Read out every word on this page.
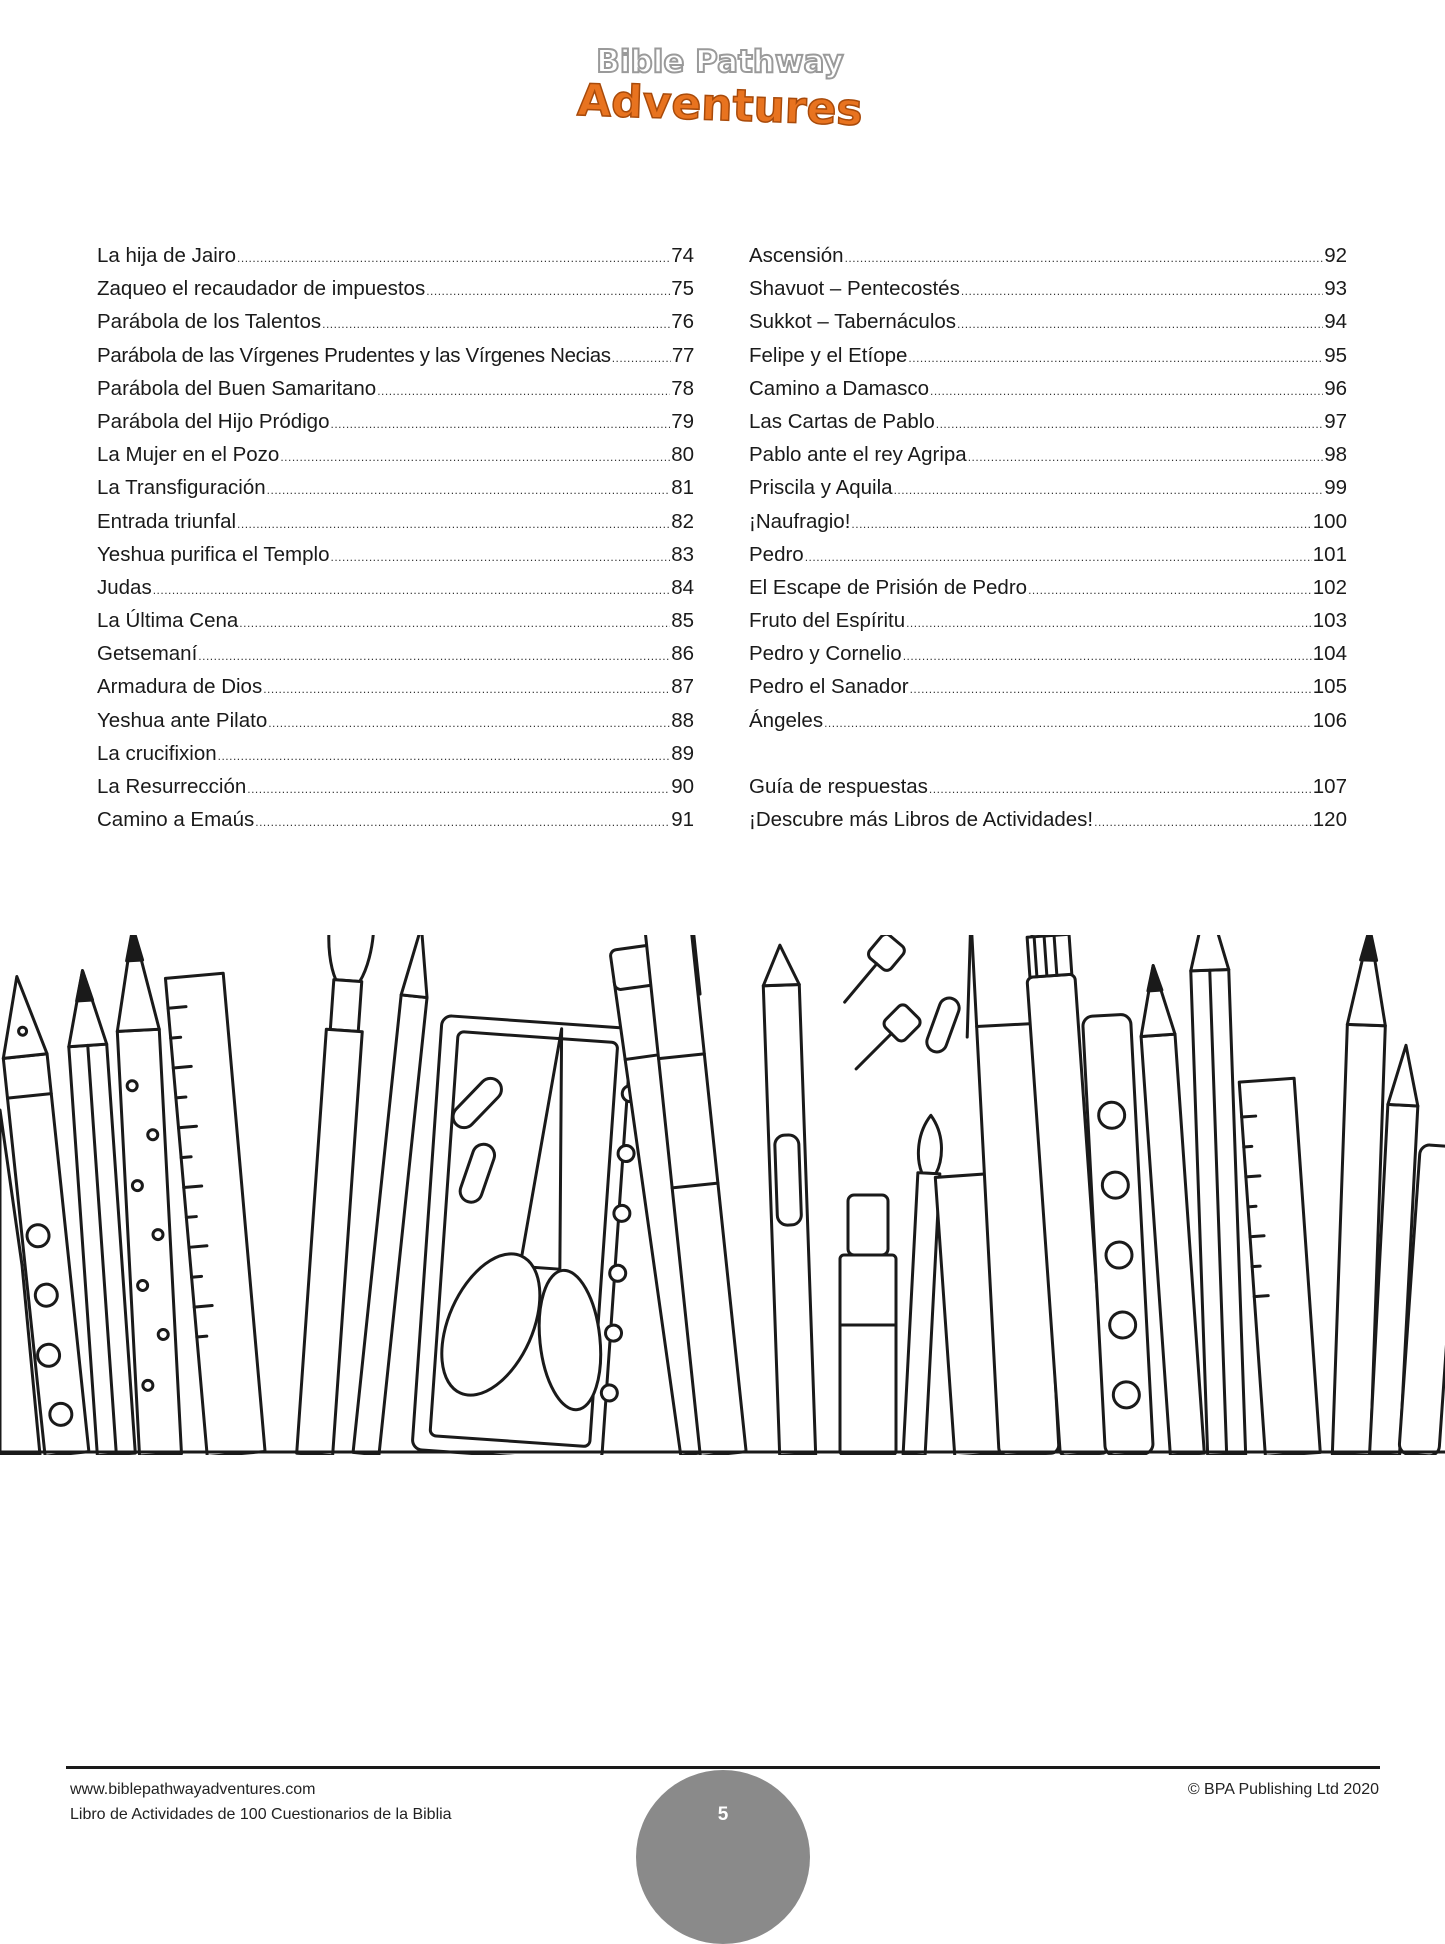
Bible Pathway
Adventures
La hija de Jairo .....	74
Zaqueo el recaudador de impuestos .....	75
Parábola de los Talentos .....	76
Parábola de las Vírgenes Prudentes y las Vírgenes Necias .....	77
Parábola del Buen Samaritano .....	78
Parábola del Hijo Pródigo .....	79
La Mujer en el Pozo .....	80
La Transfiguración .....	81
Entrada triunfal .....	82
Yeshua purifica el Templo .....	83
Judas .....	84
La Última Cena .....	85
Getsemaní .....	86
Armadura de Dios .....	87
Yeshua ante Pilato .....	88
La crucifixion .....	89
La Resurrección .....	90
Camino a Emaús .....	91
Ascensión .....	92
Shavuot – Pentecostés .....	93
Sukkot – Tabernáculos .....	94
Felipe y el Etíope .....	95
Camino a Damasco .....	96
Las Cartas de Pablo .....	97
Pablo ante el rey Agripa .....	98
Priscila y Aquila .....	99
¡Naufragio! .....	100
Pedro .....	101
El Escape de Prisión de Pedro .....	102
Fruto del Espíritu .....	103
Pedro y Cornelio .....	104
Pedro el Sanador .....	105
Ángeles .....	106
Guía de respuestas .....	107
¡Descubre más Libros de Actividades! .....	120
www.biblepathwayadventures.com
Libro de Actividades de 100 Cuestionarios de la Biblia
© BPA Publishing Ltd 2020
5
